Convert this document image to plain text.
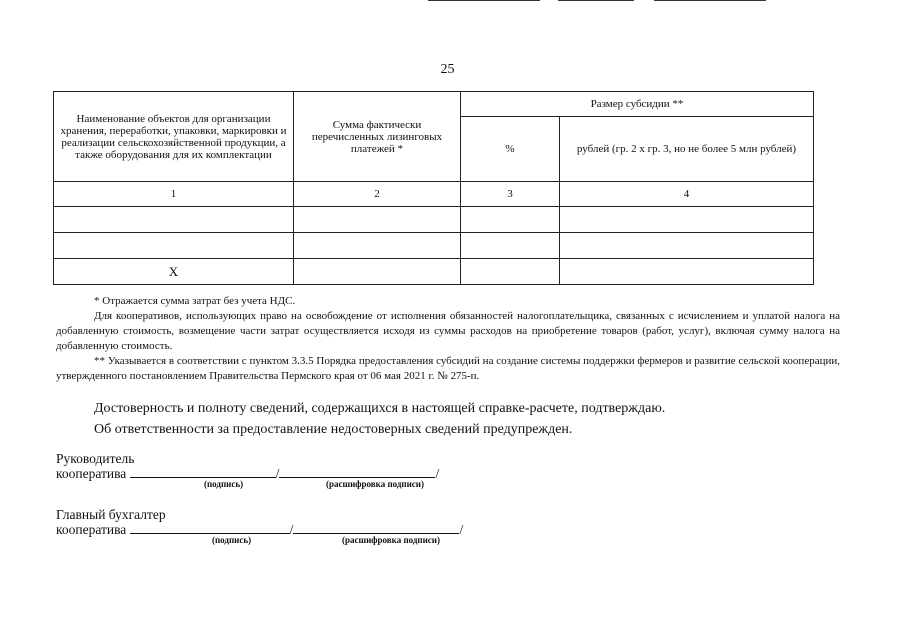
25
Наименование объектов для организации хранения, переработки, упаковки, маркировки и реализации сельскохозяйственной продукции, а также оборудования для их комплектации	Сумма фактически перечисленных лизинговых платежей *	Размер субсидии **	
		%	рублей (гр. 2 x гр. 3, но не более 5 млн рублей)
1	2	3	4

X			

* Отражается сумма затрат без учета НДС.

Для кооперативов, использующих право на освобождение от исполнения обязанностей налогоплательщика, связанных с исчислением и уплатой налога на добавленную стоимость, возмещение части затрат осуществляется исходя из суммы расходов на приобретение товаров (работ, услуг), включая сумму налога на добавленную стоимость.

** Указывается в соответствии с пунктом 3.3.5 Порядка предоставления субсидий на создание системы поддержки фермеров и развитие сельской кооперации, утвержденного постановлением Правительства Пермского края от 06 мая 2021 г. № 275-п.

Достоверность и полноту сведений, содержащихся в настоящей справке-расчете, подтверждаю.

Об ответственности за предоставление недостоверных сведений предупрежден.

Руководитель
кооператива	/	/
(подпись)	(расшифровка подписи)
Главный бухгалтер
кооператива	/	/
(подпись)	(расшифровка подписи)
